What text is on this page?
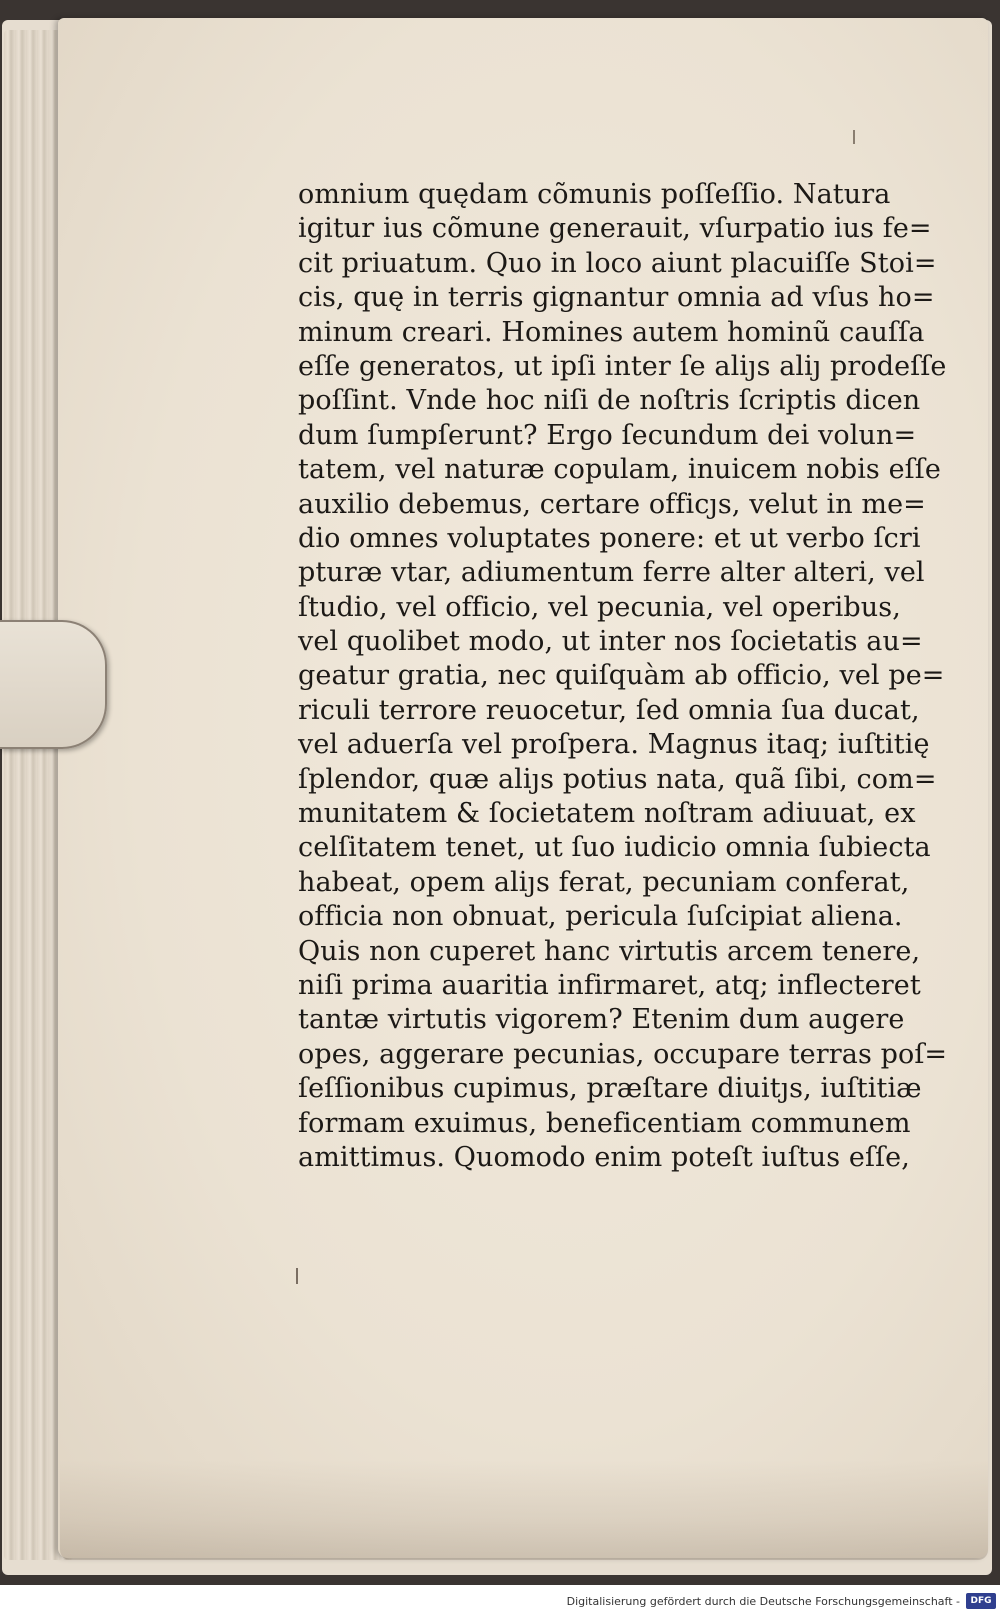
omnium quędam cõmunis poſſeſſio. Natura
igitur ius cõmune generauit, vſurpatio ius fe=
cit priuatum. Quo in loco aiunt placuiſſe Stoi=
cis, quę in terris gignantur omnia ad vſus ho=
minum creari. Homines autem hominũ cauſſa
eſſe generatos, ut ipſi inter ſe aliȷs aliȷ prodeſſe
poſſint. Vnde hoc niſi de noſtris ſcriptis dicen
dum ſumpſerunt? Ergo ſecundum dei volun=
tatem, vel naturæ copulam, inuicem nobis eſſe
auxilio debemus, certare officȷs, velut in me=
dio omnes voluptates ponere: et ut verbo ſcri
pturæ vtar, adiumentum ferre alter alteri, vel
ſtudio, vel officio, vel pecunia, vel operibus,
vel quolibet modo, ut inter nos ſocietatis au=
geatur gratia, nec quiſquàm ab officio, vel pe=
riculi terrore reuocetur, ſed omnia ſua ducat,
vel aduerſa vel proſpera. Magnus itaq; iuſtitię
ſplendor, quæ aliȷs potius nata, quã ſibi, com=
munitatem & ſocietatem noſtram adiuuat, ex
celſitatem tenet, ut ſuo iudicio omnia ſubiecta
habeat, opem aliȷs ferat, pecuniam conferat,
officia non obnuat, pericula ſuſcipiat aliena.
Quis non cuperet hanc virtutis arcem tenere,
niſi prima auaritia infirmaret, atq; inflecteret
tantæ virtutis vigorem? Etenim dum augere
opes, aggerare pecunias, occupare terras poſ=
ſeſſionibus cupimus, præſtare diuitȷs, iuſtitiæ
formam exuimus, beneficentiam communem
amittimus. Quomodo enim poteſt iuſtus eſſe,
Digitalisierung gefördert durch die Deutsche Forschungsgemeinschaft -	DFG
